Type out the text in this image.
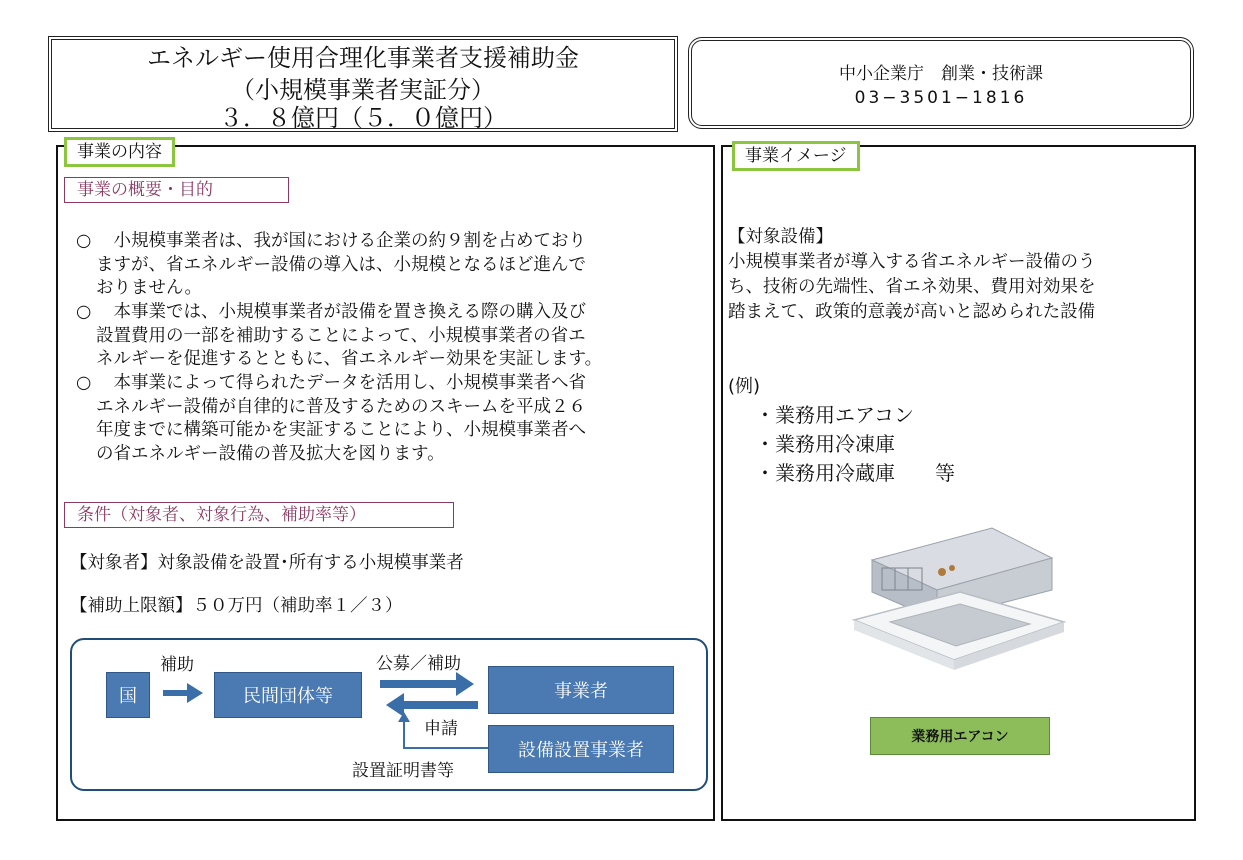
エネルギー使用合理化事業者支援補助金
（小規模事業者実証分）
３．８億円（５．０億円）
中小企業庁　創業・技術課
03−3501−1816
事業の内容
事業の概要・目的
○ 　小規模事業者は、我が国における企業の約９割を占めており
ますが、省エネルギー設備の導入は、小規模となるほど進んで
おりません。
○ 　本事業では、小規模事業者が設備を置き換える際の購入及び
設置費用の一部を補助することによって、小規模事業者の省エ
ネルギーを促進するとともに、省エネルギー効果を実証します。
○ 　本事業によって得られたデータを活用し、小規模事業者へ省
エネルギー設備が自律的に普及するためのスキームを平成２６
年度までに構築可能かを実証することにより、小規模事業者へ
の省エネルギー設備の普及拡大を図ります。
条件（対象者、対象行為、補助率等）
【対象者】対象設備を設置･所有する小規模事業者
【補助上限額】５０万円（補助率１／３）
国
補助
民間団体等
公募／補助
事業者
申請
設備設置事業者
設置証明書等
事業イメージ
【対象設備】
小規模事業者が導入する省エネルギー設備のう
ち、技術の先端性、省エネ効果、費用対効果を
踏まえて、政策的意義が高いと認められた設備
(例)
・業務用エアコン
・業務用冷凍庫
・業務用冷蔵庫　　等
業務用エアコン
